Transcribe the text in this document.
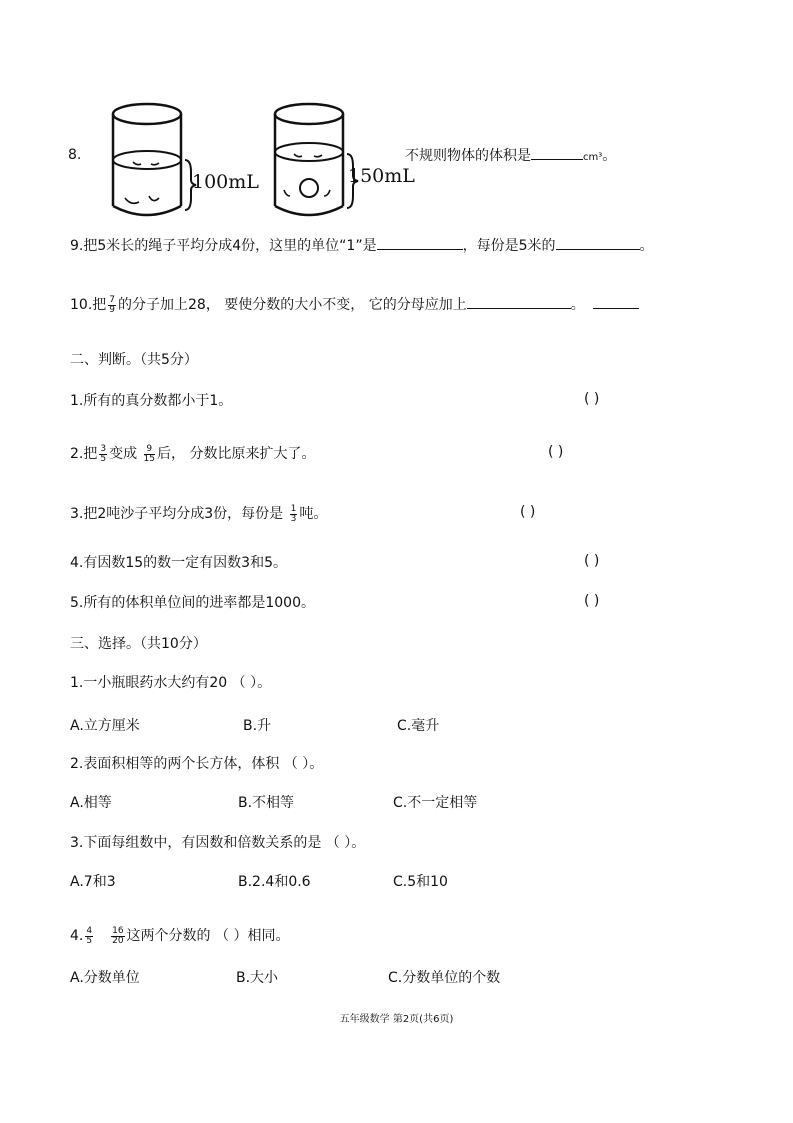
8.
100mL	150mL
不规则物体的体积是	cm³。
9.把5米长的绳子平均分成4份，这里的单位“1”是	，每份是5米的	。
10.把 $\frac{7}{9}$ 的分子加上28， 要使分数的大小不变， 它的分母应加上	。
二、判断。（共5分）
1.所有的真分数都小于1。	( )
2.把 $\frac{3}{5}$ 变成 $\frac{9}{15}$ 后， 分数比原来扩大了。	( )
3.把2吨沙子平均分成3份，每份是 $\frac{1}{3}$ 吨。	( )
4.有因数15的数一定有因数3和5。	( )
5.所有的体积单位间的进率都是1000。	( )
三、选择。（共10分）
1.一小瓶眼药水大约有20 （ ）。
A.立方厘米	B.升	C.毫升
2.表面积相等的两个长方体，体积 （ ）。
A.相等	B.不相等	C.不一定相等
3.下面每组数中，有因数和倍数关系的是 （ ）。
A.7和3	B.2.4和0.6	C.5和10
4. $\frac{4}{5} \frac{16}{20}$ 这两个分数的 （ ）相同。
A.分数单位	B.大小	C.分数单位的个数
五年级数学 第2页(共6页)
